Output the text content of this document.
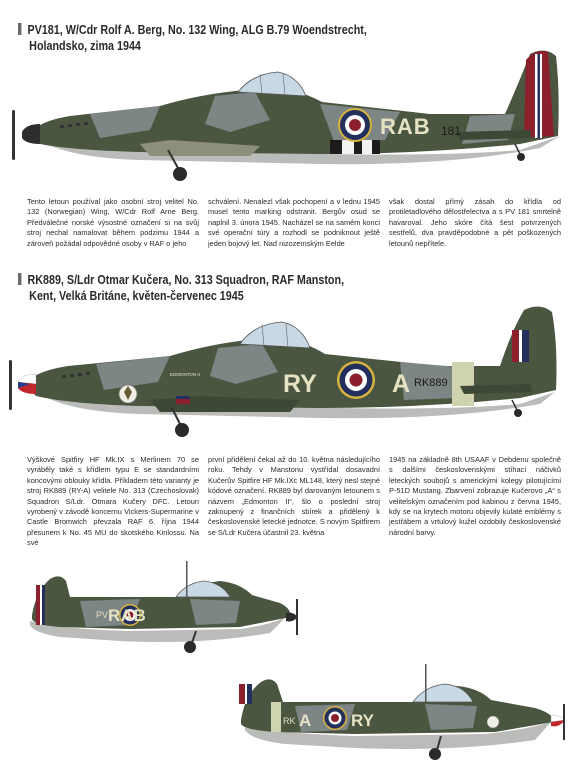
PV181, W/Cdr Rolf A. Berg, No. 132 Wing, ALG B.79 Woendstrecht,
Holandsko, zima 1944
RAB 181
Tento letoun používal jako osobní stroj velitel No. 132 (Norwegian) Wing, W/Cdr Rolf Arne Berg. Předválečné norské výsostné označení si na svůj stroj nechal namalovat během podzimu 1944 a zároveň požádal odpovědné osoby v RAF o jeho
schválení. Nenalezl však pochopení a v lednu 1945 musel tento marking odstranit. Bergův osud se naplnil 3. února 1945. Nacházel se na samém konci své operační túry a rozhodl se podniknout ještě jeden bojový let. Nad nizozemským Eelde
však dostal přímý zásah do křídla od protiletadlového dělostřelectva a s PV 181 smrtelně havaroval. Jeho skóre čítá šest potvrzených sestřelů, dva pravděpodobné a pět poškozených letounů nepřítele.
RK889, S/Ldr Otmar Kučera, No. 313 Squadron, RAF Manston,
Kent, Velká Británe, květen-červenec 1945
EDMONTON II	RY	A RK889
Výškové Spitfiry HF Mk.IX s Merlinem 70 se vyráběly také s křídlem typu E se standardními koncovými oblouky křídla. Příkladem této varianty je stroj RK889 (RY-A) velitele No. 313 (Czechoslovak) Squadron S/Ldr. Otmara Kučery DFC. Letoun vyrobený v závodě koncernu Vickers-Supermarine v Castle Bromwich převzala RAF 6. října 1944 přesunem k No. 45 MU do skotského Kinlossu. Na své
první přidělení čekal až do 10. května následujícího roku. Tehdy v Manstonu vystřídal dosavadní Kučerův Spitfire HF Mk.IXc ML148, který nesl stejné kódové označení. RK889 byl darovaným letounem s názvem „Edmonton II“, šlo o poslední stroj zakoupený z finančních sbírek a přidělený k československé letecké jednotce. S novým Spitfirem se S/Ldr Kučera účastnil 23. května
1945 na základně 8th USAAF v Debdenu společně s dalšími československými stíhací náčivků leteckých soubojů s americkými kolegy pilotujícími P-51D Mustang. Zbarvení zobrazuje Kučerovo „A“ s velitelským označením pod kabinou z června 1945, kdy se na krytech motoru objevily kulaté emblémy s jestřábem a vrtulový kužel ozdobily československé národní barvy.
PV RAB
RK A RY
